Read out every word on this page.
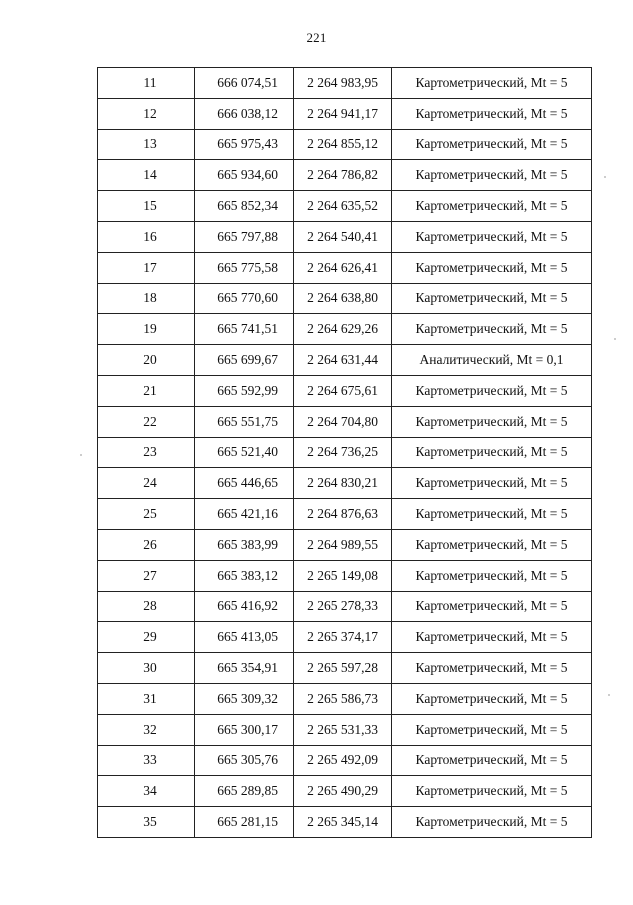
221
11	666 074,51	2 264 983,95	Картометрический, Mt = 5
12	666 038,12	2 264 941,17	Картометрический, Mt = 5
13	665 975,43	2 264 855,12	Картометрический, Mt = 5
14	665 934,60	2 264 786,82	Картометрический, Mt = 5
15	665 852,34	2 264 635,52	Картометрический, Mt = 5
16	665 797,88	2 264 540,41	Картометрический, Mt = 5
17	665 775,58	2 264 626,41	Картометрический, Mt = 5
18	665 770,60	2 264 638,80	Картометрический, Mt = 5
19	665 741,51	2 264 629,26	Картометрический, Mt = 5
20	665 699,67	2 264 631,44	Аналитический, Mt = 0,1
21	665 592,99	2 264 675,61	Картометрический, Mt = 5
22	665 551,75	2 264 704,80	Картометрический, Mt = 5
23	665 521,40	2 264 736,25	Картометрический, Mt = 5
24	665 446,65	2 264 830,21	Картометрический, Mt = 5
25	665 421,16	2 264 876,63	Картометрический, Mt = 5
26	665 383,99	2 264 989,55	Картометрический, Mt = 5
27	665 383,12	2 265 149,08	Картометрический, Mt = 5
28	665 416,92	2 265 278,33	Картометрический, Mt = 5
29	665 413,05	2 265 374,17	Картометрический, Mt = 5
30	665 354,91	2 265 597,28	Картометрический, Mt = 5
31	665 309,32	2 265 586,73	Картометрический, Mt = 5
32	665 300,17	2 265 531,33	Картометрический, Mt = 5
33	665 305,76	2 265 492,09	Картометрический, Mt = 5
34	665 289,85	2 265 490,29	Картометрический, Mt = 5
35	665 281,15	2 265 345,14	Картометрический, Mt = 5
